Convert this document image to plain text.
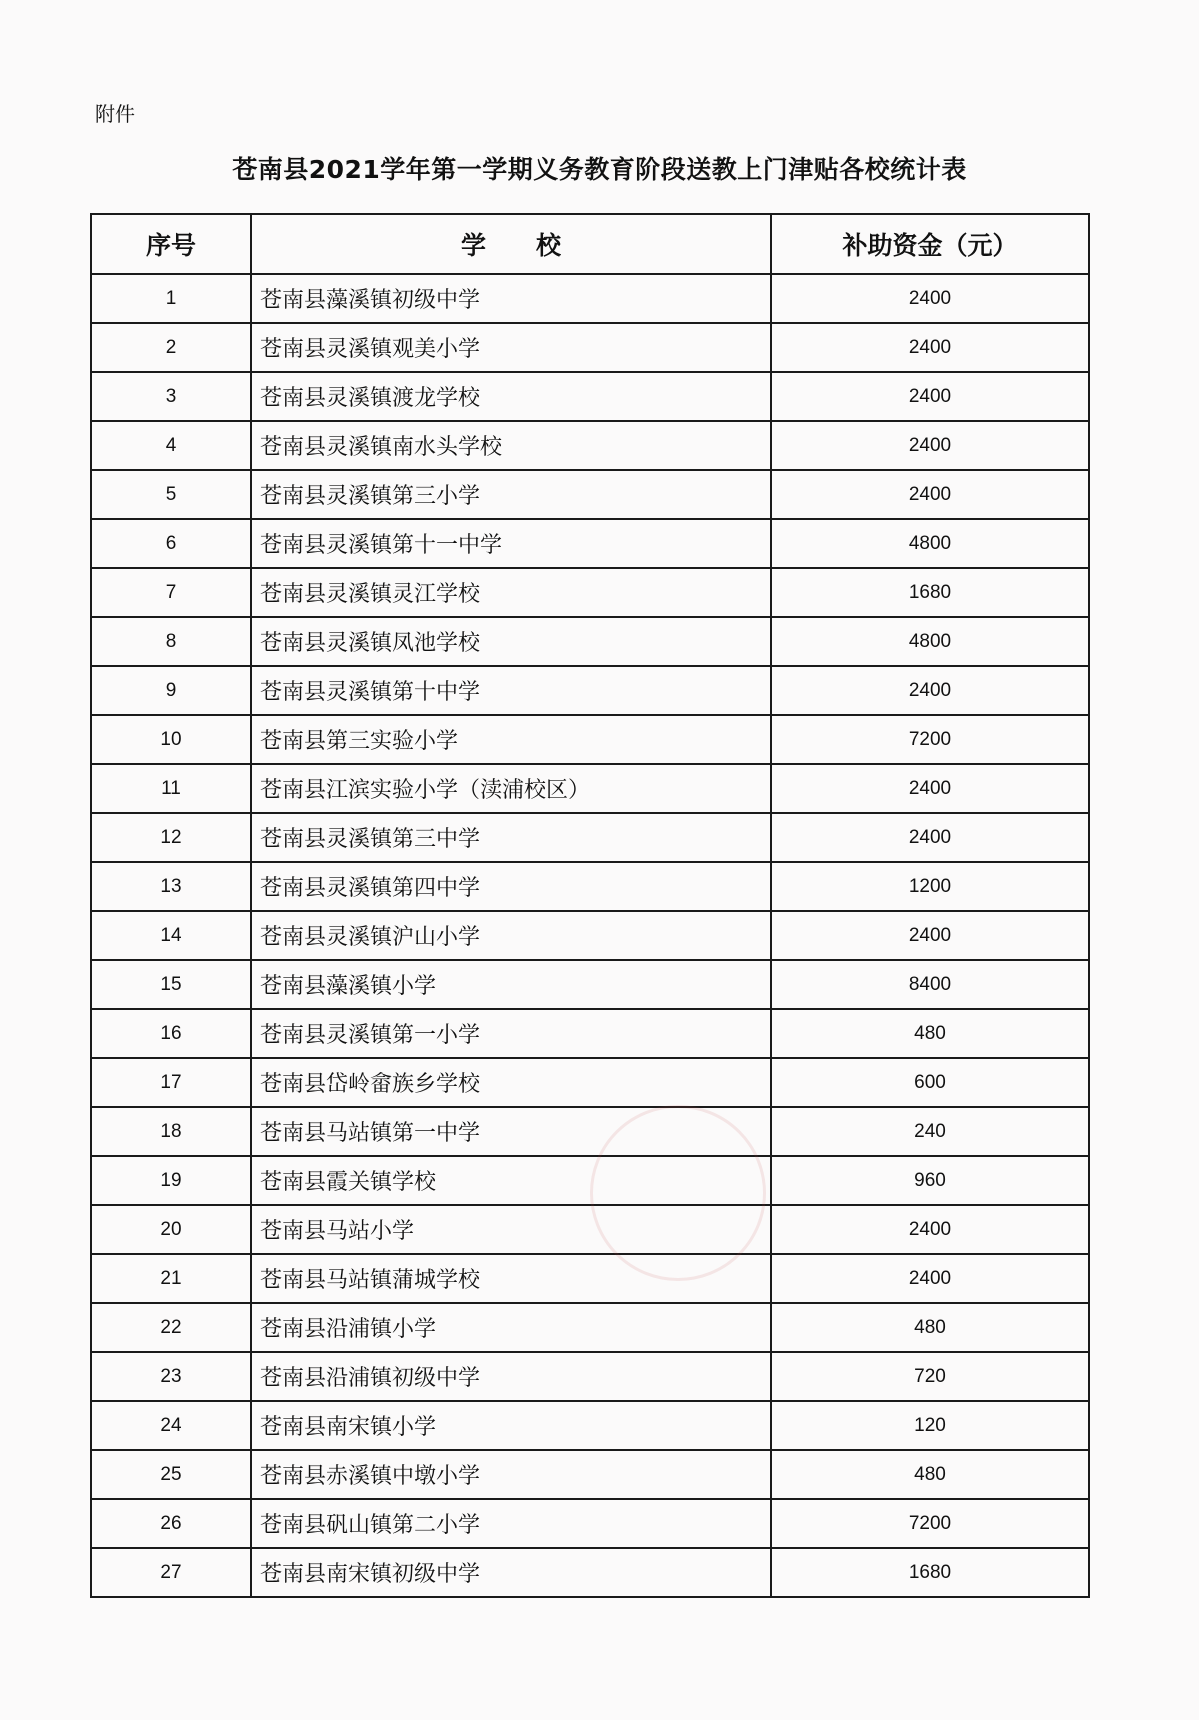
附件
苍南县2021学年第一学期义务教育阶段送教上门津贴各校统计表
序号	学　　校	补助资金（元）
1	苍南县藻溪镇初级中学	2400
2	苍南县灵溪镇观美小学	2400
3	苍南县灵溪镇渡龙学校	2400
4	苍南县灵溪镇南水头学校	2400
5	苍南县灵溪镇第三小学	2400
6	苍南县灵溪镇第十一中学	4800
7	苍南县灵溪镇灵江学校	1680
8	苍南县灵溪镇凤池学校	4800
9	苍南县灵溪镇第十中学	2400
10	苍南县第三实验小学	7200
11	苍南县江滨实验小学（渎浦校区）	2400
12	苍南县灵溪镇第三中学	2400
13	苍南县灵溪镇第四中学	1200
14	苍南县灵溪镇沪山小学	2400
15	苍南县藻溪镇小学	8400
16	苍南县灵溪镇第一小学	480
17	苍南县岱岭畲族乡学校	600
18	苍南县马站镇第一中学	240
19	苍南县霞关镇学校	960
20	苍南县马站小学	2400
21	苍南县马站镇蒲城学校	2400
22	苍南县沿浦镇小学	480
23	苍南县沿浦镇初级中学	720
24	苍南县南宋镇小学	120
25	苍南县赤溪镇中墩小学	480
26	苍南县矾山镇第二小学	7200
27	苍南县南宋镇初级中学	1680
